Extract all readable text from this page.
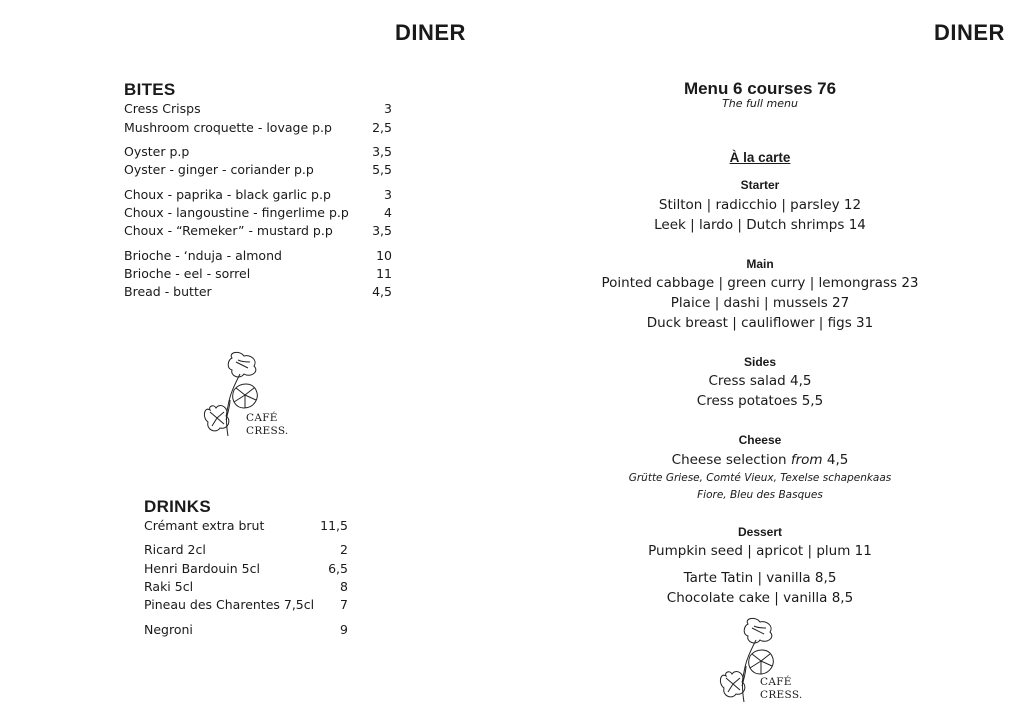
DINER	DINER
BITES
Cress Crisps	3
Mushroom croquette - lovage p.p	2,5
Oyster p.p	3,5
Oyster - ginger - coriander p.p	5,5
Choux - paprika - black garlic p.p	3
Choux - langoustine - fingerlime p.p	4
Choux - “Remeker” - mustard p.p	3,5
Brioche - ‘nduja - almond	10
Brioche - eel - sorrel	11
Bread - butter	4,5
CAFÉ
CRESS.
DRINKS
Crémant extra brut	11,5
Ricard 2cl	2
Henri Bardouin 5cl	6,5
Raki 5cl	8
Pineau des Charentes 7,5cl 7
Negroni	9
Menu 6 courses 76
The full menu
À la carte
Starter
Stilton | radicchio | parsley 12
Leek | lardo | Dutch shrimps 14
Main
Pointed cabbage | green curry | lemongrass 23
Plaice | dashi | mussels 27
Duck breast | cauliflower | figs 31
Sides
Cress salad 4,5
Cress potatoes 5,5
Cheese
Cheese selection from 4,5
Grütte Griese, Comté Vieux, Texelse schapenkaas
Fiore, Bleu des Basques
Dessert
Pumpkin seed | apricot | plum 11
Tarte Tatin | vanilla 8,5
Chocolate cake | vanilla 8,5
CAFÉ
CRESS.
